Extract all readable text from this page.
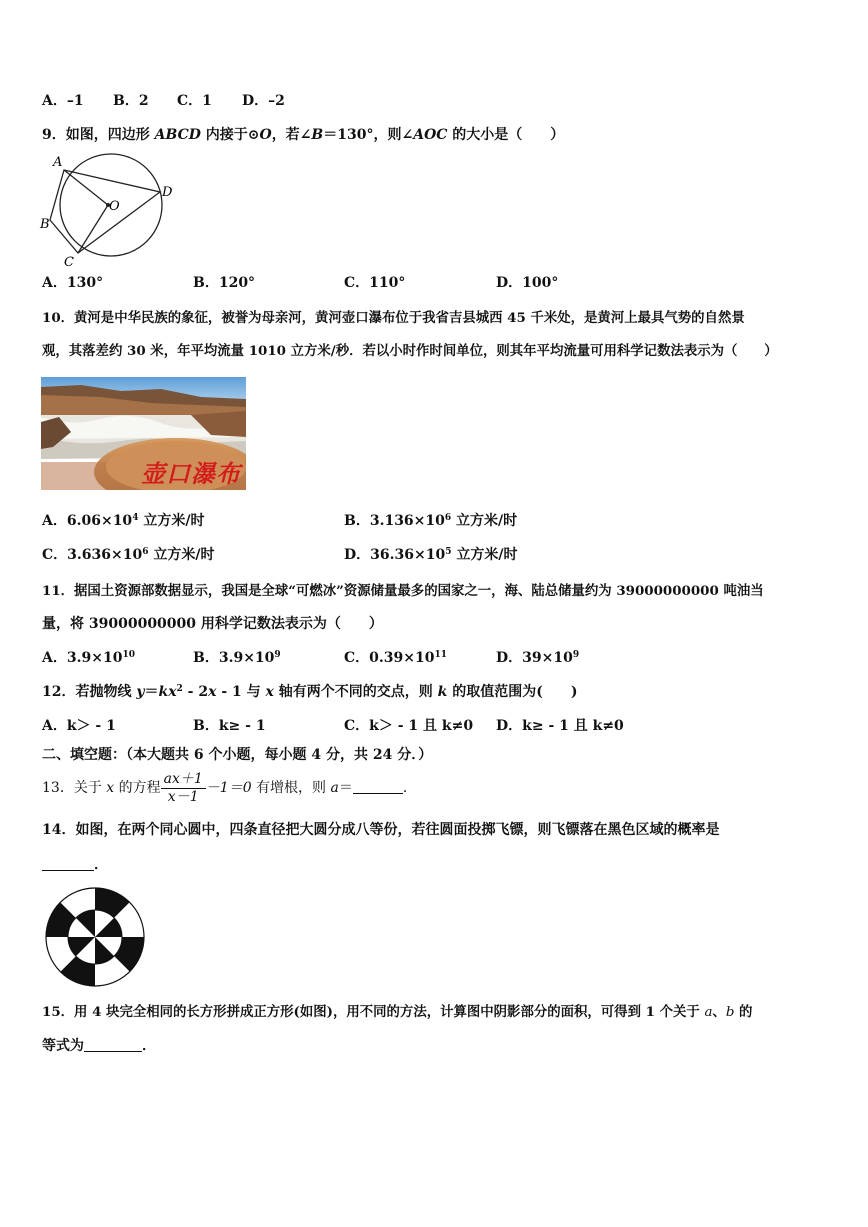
A．–1 B．2 C．1 D．–2
9．如图，四边形 ABCD 内接于⊙O，若∠B＝130°，则∠AOC 的大小是（　　）
A
B
C
D
O
A．130°	B．120°	C．110°	D．100°
10．黄河是中华民族的象征，被誉为母亲河，黄河壶口瀑布位于我省吉县城西 45 千米处，是黄河上最具气势的自然景
观，其落差约 30 米，年平均流量 1010 立方米/秒．若以小时作时间单位，则其年平均流量可用科学记数法表示为（　　）
壶口瀑布
A．$6.06\times 10^4$ 立方米/时	B．$3.136\times 10^6$ 立方米/时
C．$3.636\times 10^6$ 立方米/时	D．$36.36\times 10^5$ 立方米/时
11．据国土资源部数据显示，我国是全球“可燃冰”资源储量最多的国家之一，海、陆总储量约为 39000000000 吨油当
量，将 39000000000 用科学记数法表示为（　　）
A．$3.9\times 10^{10}$	B．$3.9\times 10^9$	C．$0.39\times 10^{11}$	D．$39\times 10^9$
12．若抛物线 $y=kx^2 - 2x - 1$ 与 x 轴有两个不同的交点，则 k 的取值范围为(　　)
A．k＞ - 1	B．k≥ - 1	C．k＞ - 1 且 k≠0 D．k≥ - 1 且 k≠0
二、填空题：（本大题共 6 个小题，每小题 4 分，共 24 分．）
13．关于 x 的方程 $\frac{ax+1}{x-1} -1=0$ 有增根，则 a＝	．
14．如图，在两个同心圆中，四条直径把大圆分成八等份，若往圆面投掷飞镖，则飞镖落在黑色区域的概率是
．
15．用 4 块完全相同的长方形拼成正方形(如图)，用不同的方法，计算图中阴影部分的面积，可得到 1 个关于 a、b 的
等式为	．
